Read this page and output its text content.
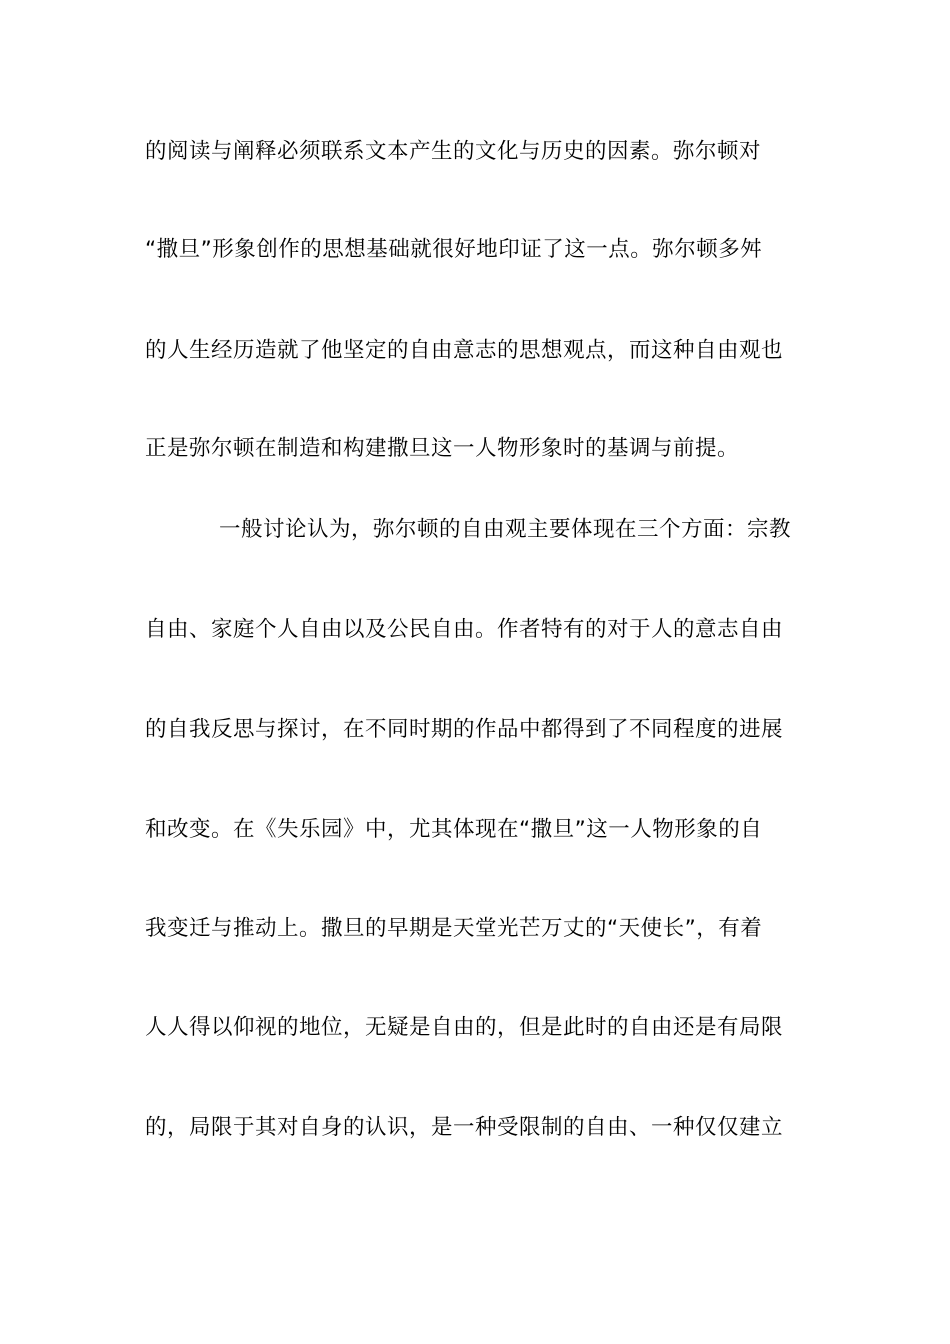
的阅读与阐释必须联系文本产生的文化与历史的因素。弥尔顿对
“撒旦”形象创作的思想基础就很好地印证了这一点。弥尔顿多舛
的人生经历造就了他坚定的自由意志的思想观点，而这种自由观也
正是弥尔顿在制造和构建撒旦这一人物形象时的基调与前提。
一般讨论认为，弥尔顿的自由观主要体现在三个方面：宗教
自由、家庭个人自由以及公民自由。作者特有的对于人的意志自由
的自我反思与探讨，在不同时期的作品中都得到了不同程度的进展
和改变。在《失乐园》中，尤其体现在“撒旦”这一人物形象的自
我变迁与推动上。撒旦的早期是天堂光芒万丈的“天使长”，有着
人人得以仰视的地位，无疑是自由的，但是此时的自由还是有局限
的，局限于其对自身的认识，是一种受限制的自由、一种仅仅建立
